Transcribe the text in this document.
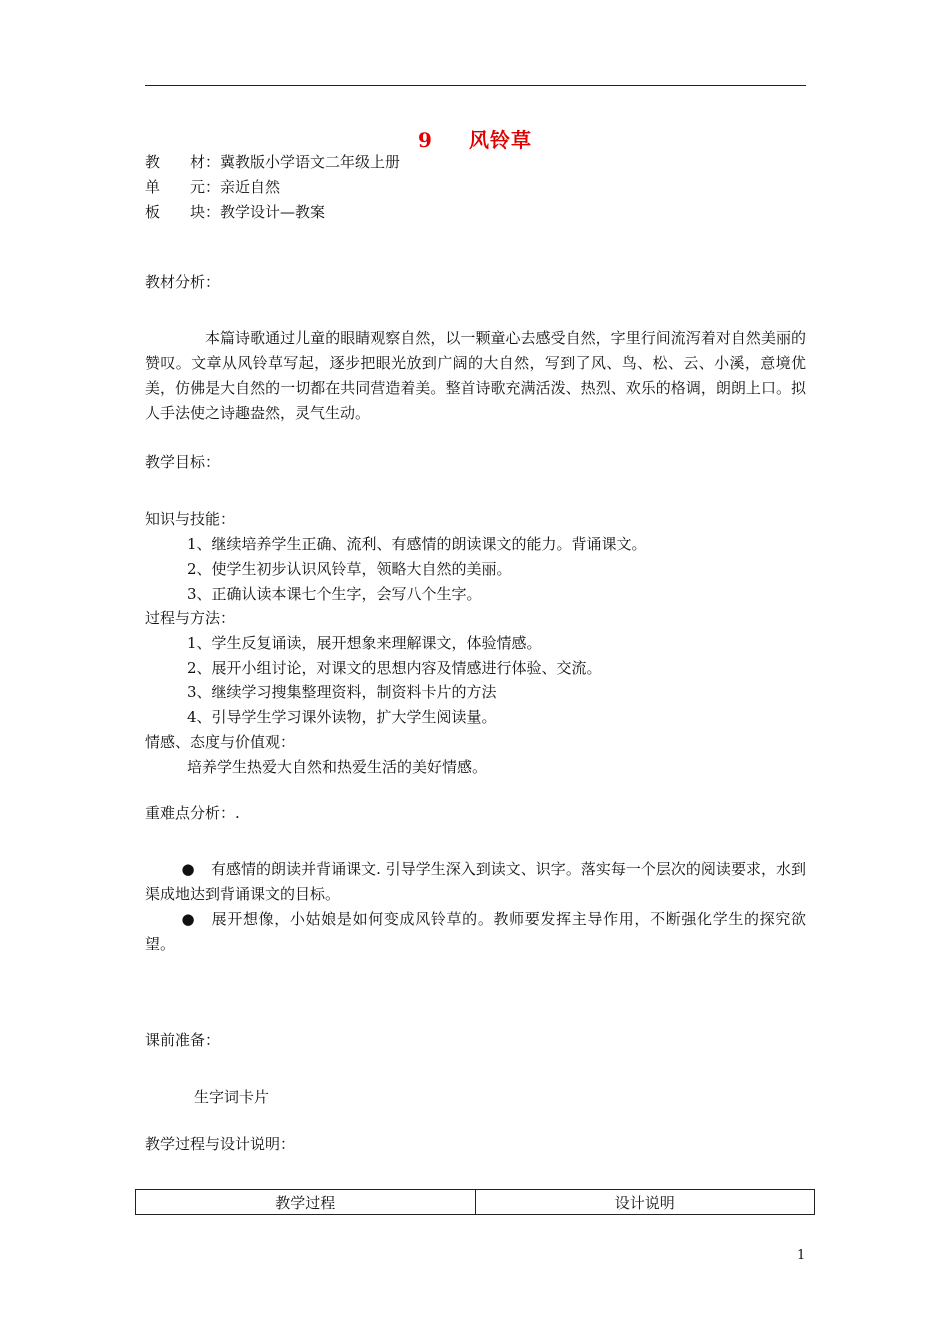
9 风铃草
教　　材：冀教版小学语文二年级上册
单　　元：亲近自然
板　　块：教学设计—教案
教材分析：
本篇诗歌通过儿童的眼睛观察自然，以一颗童心去感受自然，字里行间流泻着对自然美丽的赞叹。文章从风铃草写起，逐步把眼光放到广阔的大自然，写到了风、鸟、松、云、小溪，意境优美，仿佛是大自然的一切都在共同营造着美。整首诗歌充满活泼、热烈、欢乐的格调，朗朗上口。拟人手法使之诗趣盎然，灵气生动。
教学目标：
知识与技能：
1、继续培养学生正确、流利、有感情的朗读课文的能力。背诵课文。
2、使学生初步认识风铃草，领略大自然的美丽。
3、正确认读本课七个生字，会写八个生字。
过程与方法：
1、学生反复诵读，展开想象来理解课文，体验情感。
2、展开小组讨论，对课文的思想内容及情感进行体验、交流。
3、继续学习搜集整理资料，制资料卡片的方法
4、引导学生学习课外读物，扩大学生阅读量。
情感、态度与价值观：
培养学生热爱大自然和热爱生活的美好情感。
重难点分析：.
● 有感情的朗读并背诵课文. 引导学生深入到读文、识字。落实每一个层次的阅读要求，水到渠成地达到背诵课文的目标。
● 展开想像，小姑娘是如何变成风铃草的。教师要发挥主导作用，不断强化学生的探究欲望。
课前准备：
生字词卡片
教学过程与设计说明：
教学过程	设计说明
1
